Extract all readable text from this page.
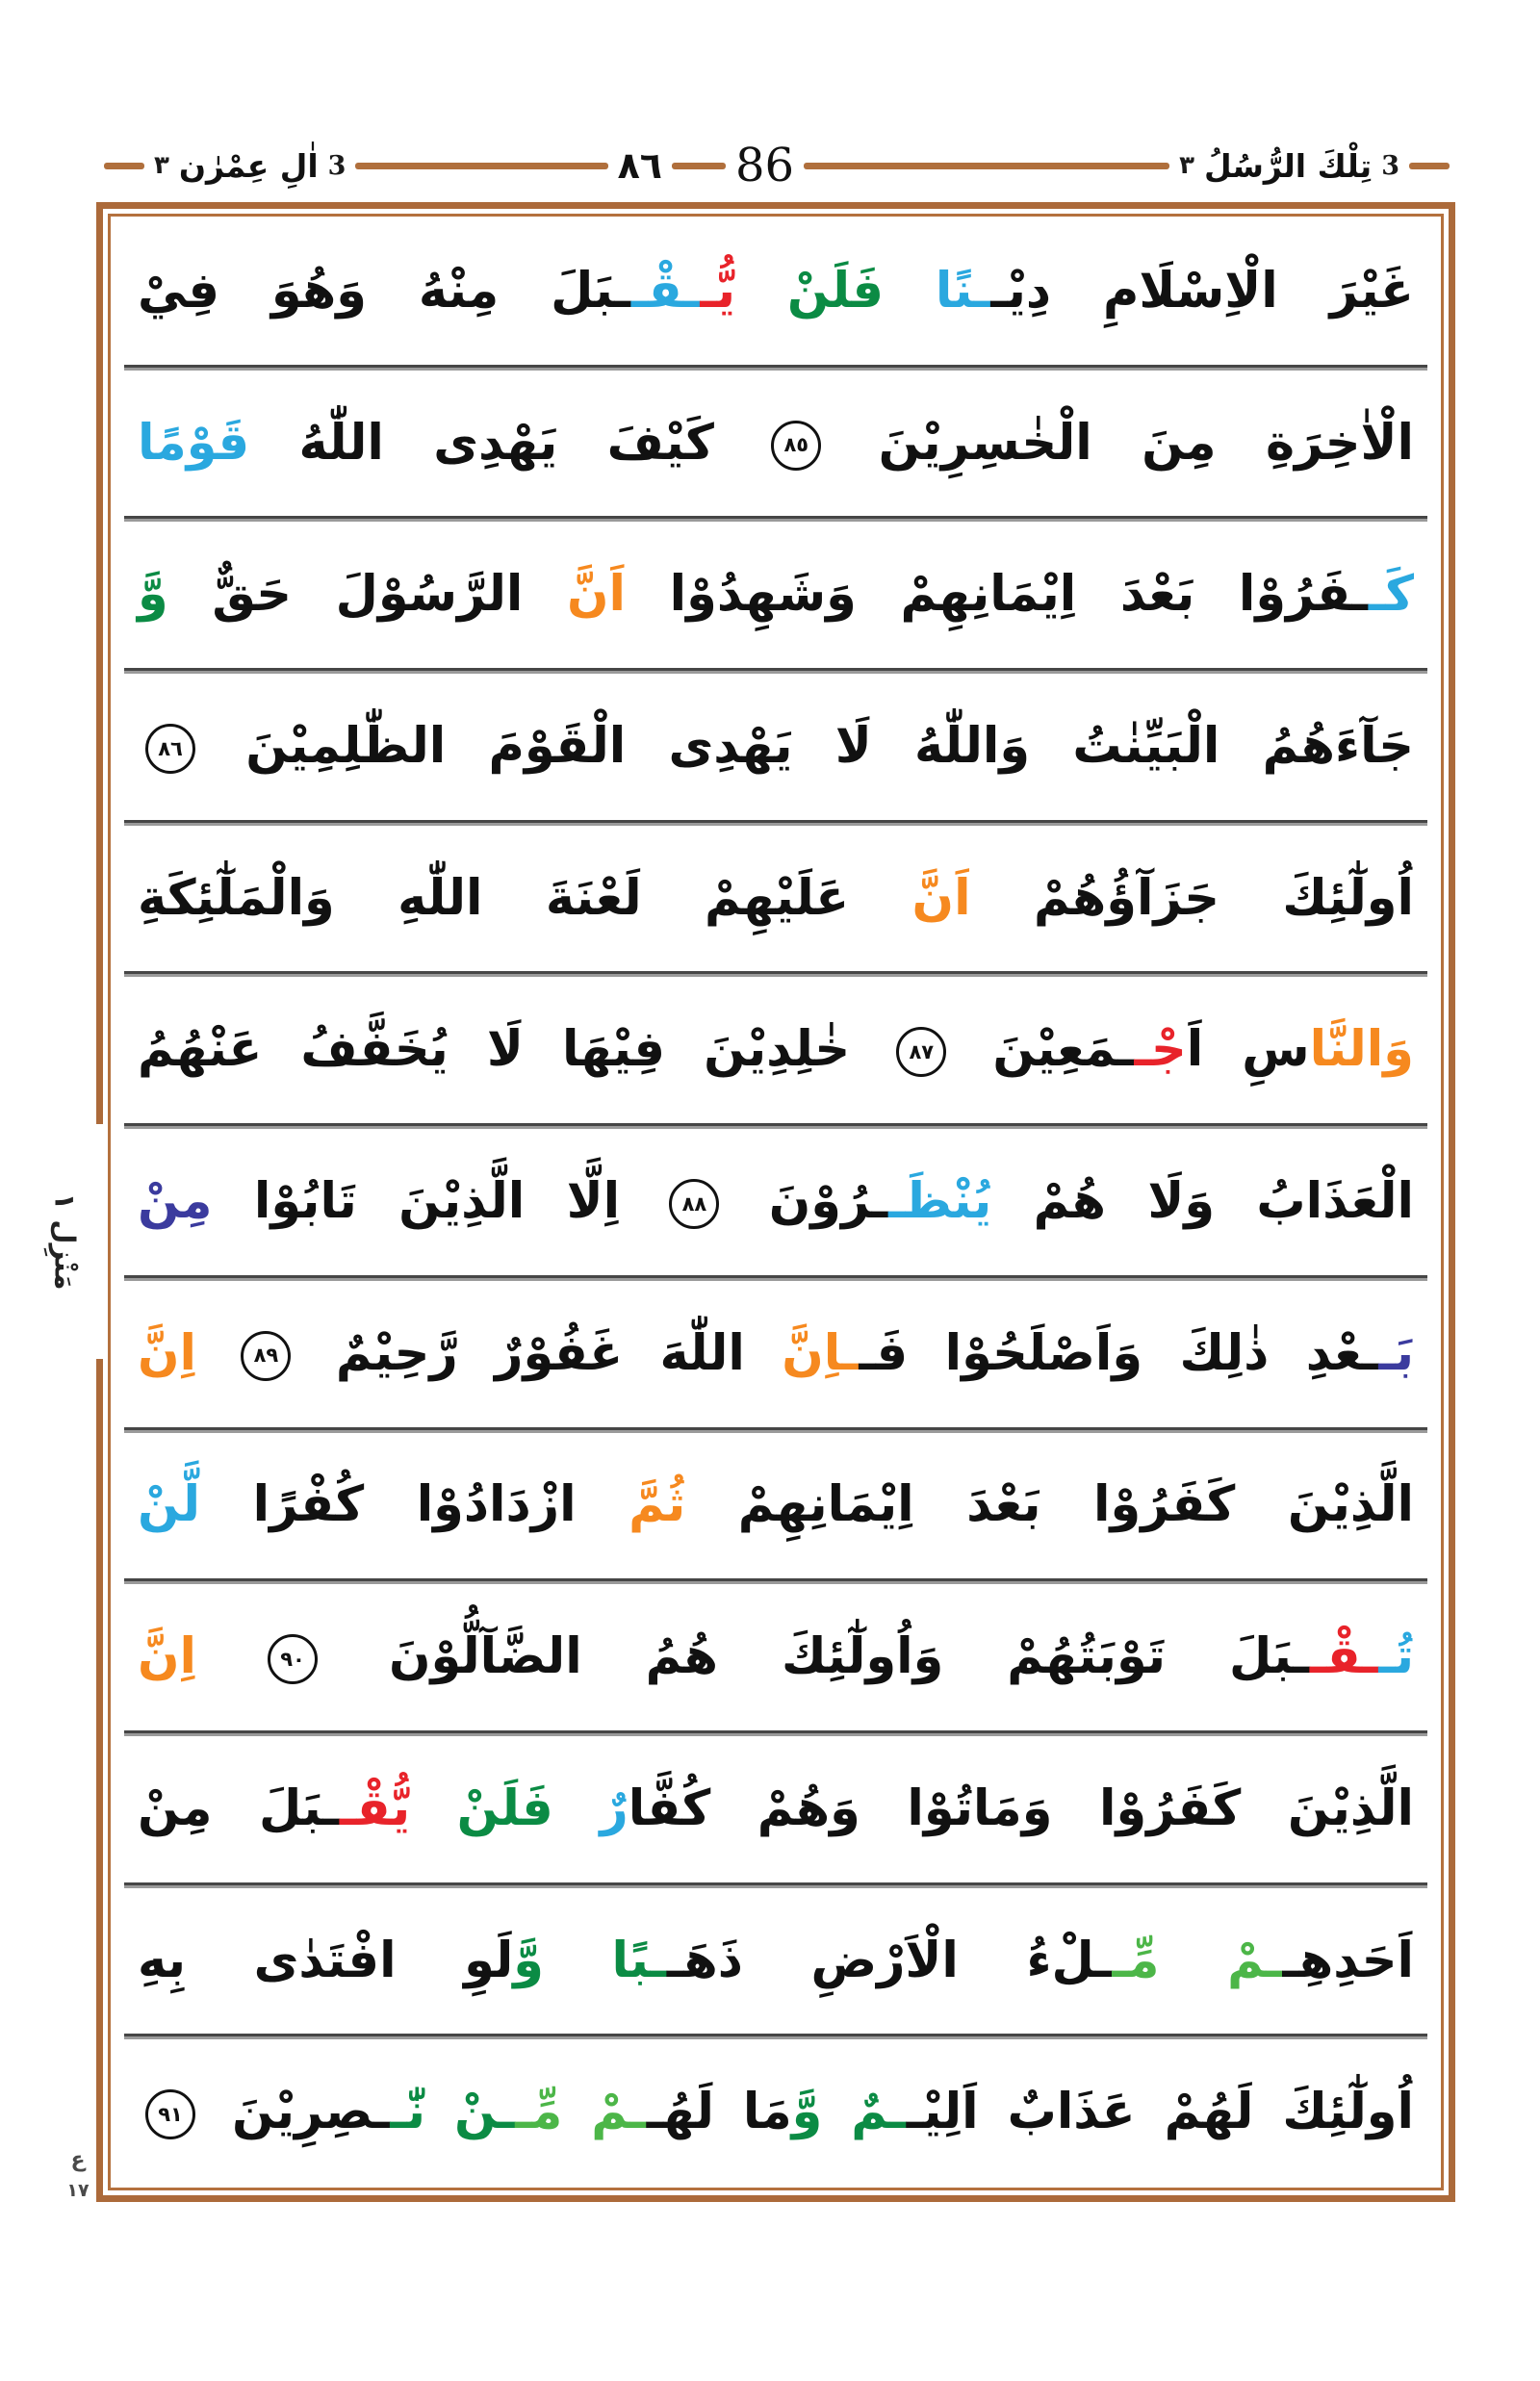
3
اٰلِ عِمْرٰن
٣	٨٦ 86	3
تِلْكَ الرُّسُلُ
٣
غَيْرَ الْاِسْلَامِ دِيْــنًا فَلَنْ يُّــقْــبَلَ مِنْهُ وَهُوَ فِيْ
الْاٰخِرَةِ مِنَ الْخٰسِرِيْنَ ٨٥ كَيْفَ يَهْدِى اللّٰهُ قَوْمًا
كَــفَرُوْا بَعْدَ اِيْمَانِهِمْ وَشَهِدُوْا اَنَّ الرَّسُوْلَ حَقٌّ وَّ
جَآءَهُمُ الْبَيِّنٰتُ وَاللّٰهُ لَا يَهْدِى الْقَوْمَ الظّٰلِمِيْنَ ٨٦
اُولٰٓئِكَ جَزَآؤُهُمْ اَنَّ عَلَيْهِمْ لَعْنَةَ اللّٰهِ وَالْمَلٰٓئِكَةِ
وَالنَّاسِ اَجْــمَعِيْنَ ٨٧ خٰلِدِيْنَ فِيْهَا لَا يُخَفَّفُ عَنْهُمُ
الْعَذَابُ وَلَا هُمْ يُنْظَــرُوْنَ ٨٨ اِلَّا الَّذِيْنَ تَابُوْا مِنْ
بَــعْدِ ذٰلِكَ وَاَصْلَحُوْا فَــاِنَّ اللّٰهَ غَفُوْرٌ رَّحِيْمٌ ٨٩ اِنَّ
الَّذِيْنَ كَفَرُوْا بَعْدَ اِيْمَانِهِمْ ثُمَّ ازْدَادُوْا كُفْرًا لَّنْ
تُــقْــبَلَ تَوْبَتُهُمْ وَاُولٰٓئِكَ هُمُ الضَّآلُّوْنَ ٩٠ اِنَّ
الَّذِيْنَ كَفَرُوْا وَمَاتُوْا وَهُمْ كُفَّارٌ فَلَنْ يُّقْــبَلَ مِنْ
اَحَدِهِــمْ مِّــلْءُ الْاَرْضِ ذَهَــبًا وَّلَوِ افْتَدٰى بِهِ
اُولٰٓئِكَ لَهُمْ عَذَابٌ اَلِيْــمٌ وَّمَا لَهُــمْ مِّــنْ نّٰــصِرِيْنَ ٩١
مَنْزِل ١
ع
١٧
